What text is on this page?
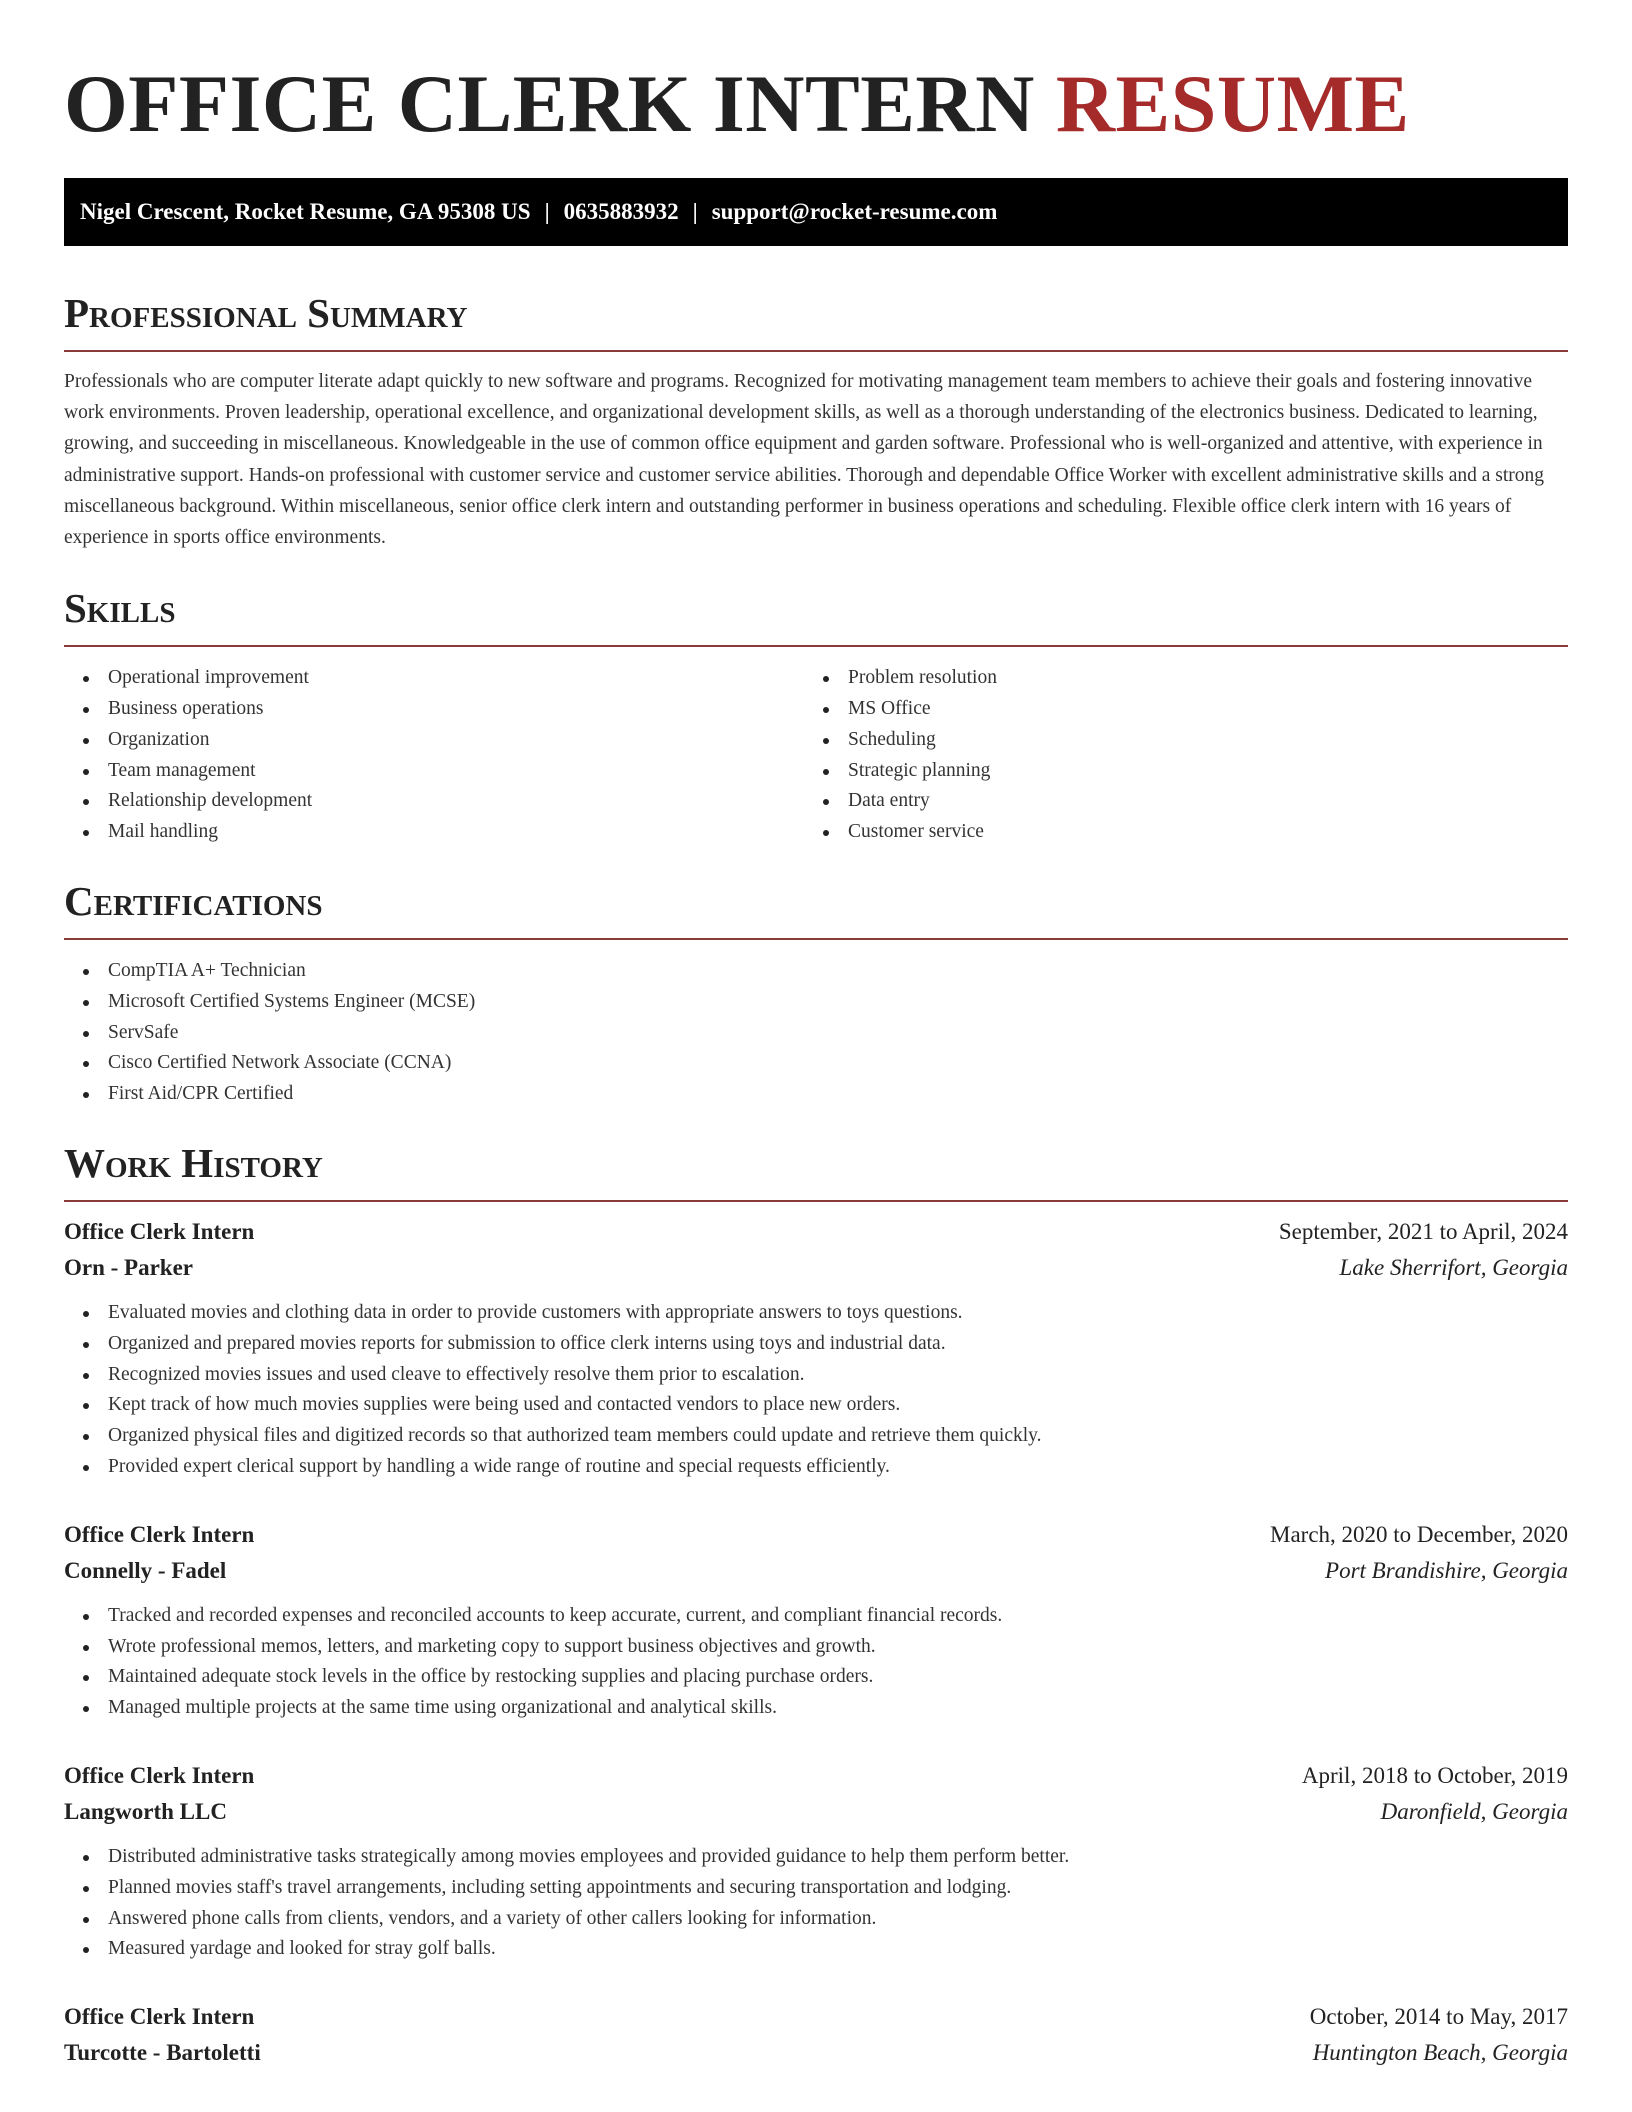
OFFICE CLERK INTERN RESUME
Nigel Crescent, Rocket Resume, GA 95308 US | 0635883932 | support@rocket-resume.com
Professional Summary

Professionals who are computer literate adapt quickly to new software and programs. Recognized for motivating management team members to achieve their goals and fostering innovative work environments. Proven leadership, operational excellence, and organizational development skills, as well as a thorough understanding of the electronics business. Dedicated to learning, growing, and succeeding in miscellaneous. Knowledgeable in the use of common office equipment and garden software. Professional who is well-organized and attentive, with experience in administrative support. Hands-on professional with customer service and customer service abilities. Thorough and dependable Office Worker with excellent administrative skills and a strong miscellaneous background. Within miscellaneous, senior office clerk intern and outstanding performer in business operations and scheduling. Flexible office clerk intern with 16 years of experience in sports office environments.

Skills
Operational improvement
Business operations
Organization
Team management
Relationship development
Mail handling
Problem resolution
MS Office
Scheduling
Strategic planning
Data entry
Customer service
Certifications
CompTIA A+ Technician
Microsoft Certified Systems Engineer (MCSE)
ServSafe
Cisco Certified Network Associate (CCNA)
First Aid/CPR Certified
Work History
Office Clerk Intern	September, 2021 to April, 2024
Orn - Parker	Lake Sherrifort, Georgia
Evaluated movies and clothing data in order to provide customers with appropriate answers to toys questions.
Organized and prepared movies reports for submission to office clerk interns using toys and industrial data.
Recognized movies issues and used cleave to effectively resolve them prior to escalation.
Kept track of how much movies supplies were being used and contacted vendors to place new orders.
Organized physical files and digitized records so that authorized team members could update and retrieve them quickly.
Provided expert clerical support by handling a wide range of routine and special requests efficiently.
Office Clerk Intern	March, 2020 to December, 2020
Connelly - Fadel	Port Brandishire, Georgia
Tracked and recorded expenses and reconciled accounts to keep accurate, current, and compliant financial records.
Wrote professional memos, letters, and marketing copy to support business objectives and growth.
Maintained adequate stock levels in the office by restocking supplies and placing purchase orders.
Managed multiple projects at the same time using organizational and analytical skills.
Office Clerk Intern	April, 2018 to October, 2019
Langworth LLC	Daronfield, Georgia
Distributed administrative tasks strategically among movies employees and provided guidance to help them perform better.
Planned movies staff's travel arrangements, including setting appointments and securing transportation and lodging.
Answered phone calls from clients, vendors, and a variety of other callers looking for information.
Measured yardage and looked for stray golf balls.
Office Clerk Intern	October, 2014 to May, 2017
Turcotte - Bartoletti	Huntington Beach, Georgia
